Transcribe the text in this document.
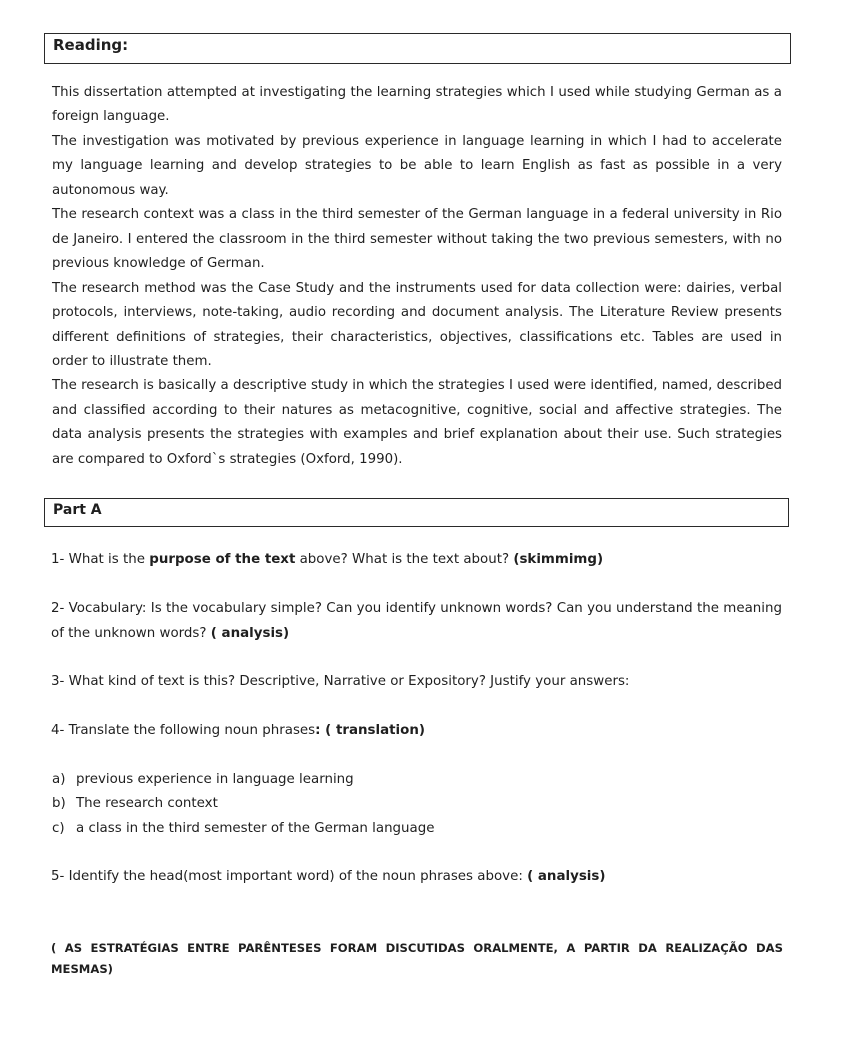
Reading:

This dissertation attempted at investigating the learning strategies which I used while studying German as a foreign language.

The investigation was motivated by previous experience in language learning in which I had to accelerate my language learning and develop strategies to be able to learn English as fast as possible in a very autonomous way.

The research context was a class in the third semester of the German language in a federal university in Rio de Janeiro. I entered the classroom in the third semester without taking the two previous semesters, with no previous knowledge of German.

The research method was the Case Study and the instruments used for data collection were: dairies, verbal protocols, interviews, note-taking, audio recording and document analysis. The Literature Review presents different definitions of strategies, their characteristics, objectives, classifications etc. Tables are used in order to illustrate them.

The research is basically a descriptive study in which the strategies I used were identified, named, described and classified according to their natures as metacognitive, cognitive, social and affective strategies. The data analysis presents the strategies with examples and brief explanation about their use. Such strategies are compared to Oxford`s strategies (Oxford, 1990).

Part A
1- What is the purpose of the text above? What is the text about? (skimmimg)
2- Vocabulary: Is the vocabulary simple? Can you identify unknown words? Can you understand the meaning of the unknown words? ( analysis)
3- What kind of text is this? Descriptive, Narrative or Expository? Justify your answers:
4- Translate the following noun phrases: ( translation)
a) previous experience in language learning
b) The research context
c) a class in the third semester of the German language
5- Identify the head(most important word) of the noun phrases above: ( analysis)
( AS ESTRATÉGIAS ENTRE PARÊNTESES FORAM DISCUTIDAS ORALMENTE, A PARTIR DA REALIZAÇÃO DAS MESMAS)
